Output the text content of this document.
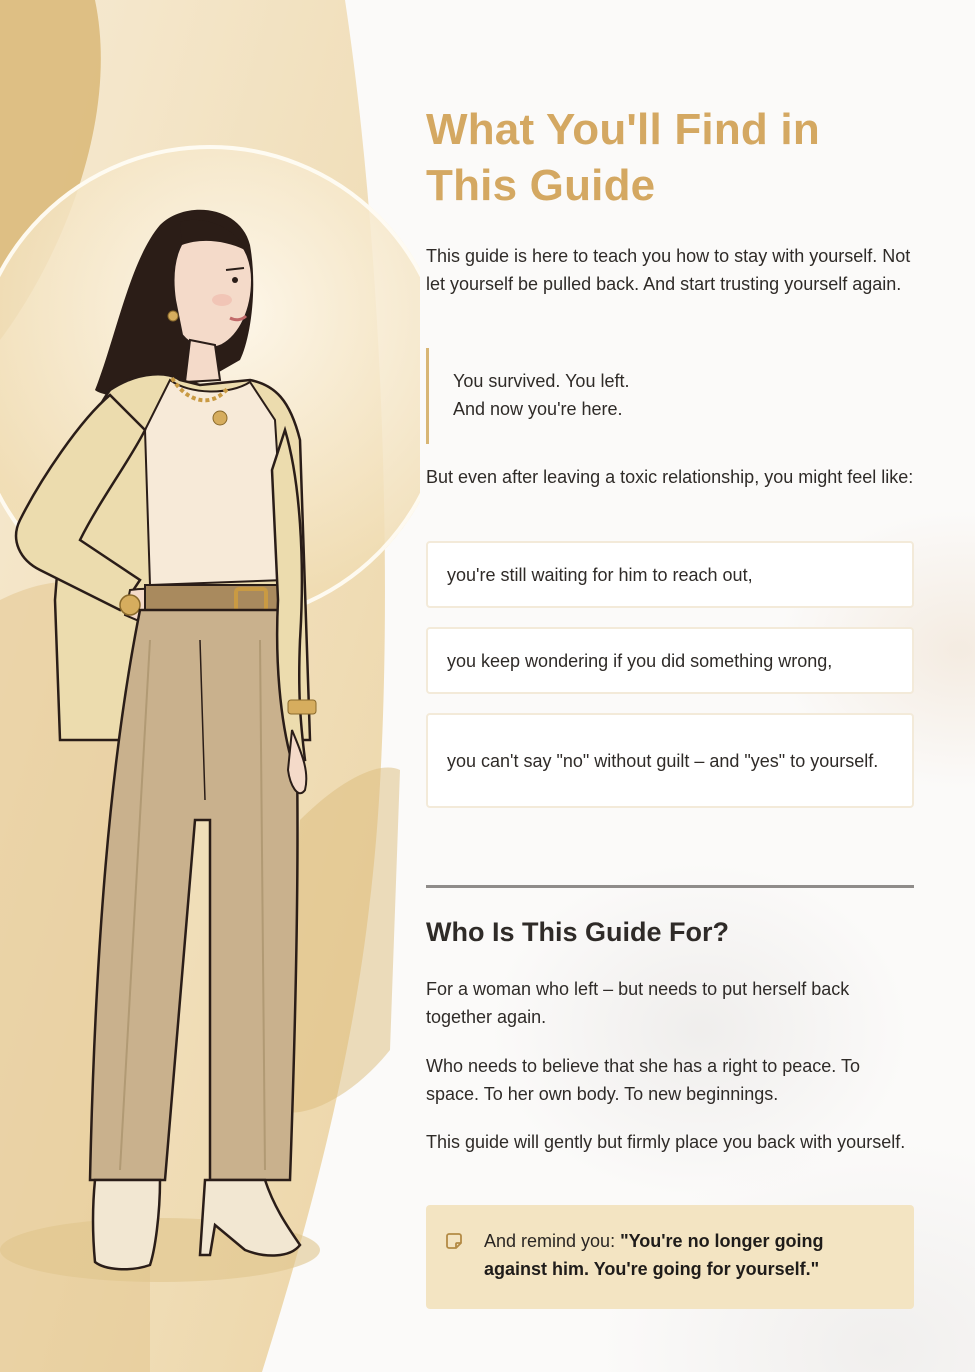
What You'll Find in This Guide

This guide is here to teach you how to stay with yourself. Not let yourself be pulled back. And start trusting yourself again.

You survived. You left.
And now you're here.

But even after leaving a toxic relationship, you might feel like:

you're still waiting for him to reach out,
you keep wondering if you did something wrong,
you can't say "no" without guilt – and "yes" to yourself.
Who Is This Guide For?

For a woman who left – but needs to put herself back together again.

Who needs to believe that she has a right to peace. To space. To her own body. To new beginnings.

This guide will gently but firmly place you back with yourself.

And remind you: "You're no longer going against him. You're going for yourself."
